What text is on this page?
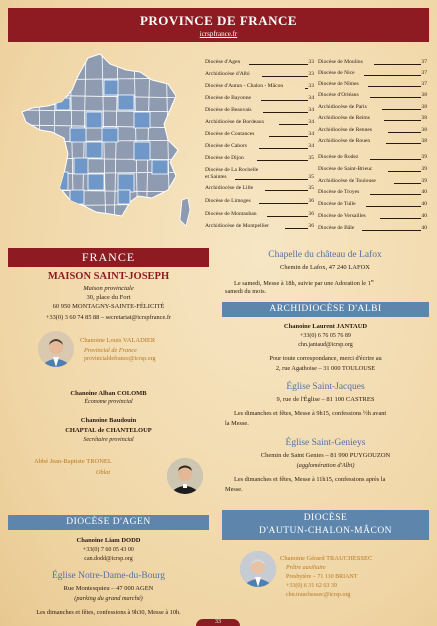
PROVINCE DE FRANCE
icrspfrance.fr
Diocèse d'Agen	33
Archidiocèse d'Albi	33
Diocèse d'Autun - Chalon - Mâcon	33
Diocèse de Bayonne	34
Diocèse de Beauvais	34
Archidiocèse de Bordeaux	34
Diocèse de Coutances	34
Diocèse de Cahors	34
Diocèse de Dijon	35
Diocèse de La Rochelle
et Saintes	35
Archidiocèse de Lille	35
Diocèse de Limoges	36
Diocèse de Montauban	36
Archidiocèse de Montpellier	36
Diocèse de Moulins	37
Diocèse de Nice	37
Diocèse de Nîmes	37
Diocèse d'Orléans	38
Archidiocèse de Paris	38
Archidiocèse de Reims	38
Archidiocèse de Rennes	38
Archidiocèse de Rouen	38
Diocèse de Rodez	39
Diocèse de Saint-Brieuc	39
Archidiocèse de Toulouse	39
Diocèse de Troyes	40
Diocèse de Tulle	40
Diocèse de Versailles	40
Diocèse de Bâle	40
FRANCE
MAISON SAINT-JOSEPH
Maison provinciale
30, place du Fort
60 950 MONTAGNY-SAINTE-FÉLICITÉ
+33(0) 3 60 74 85 88 – secretariat@icrspfrance.fr
Chanoine Louis VALADIER
Provincial de France
provincialdefrance@icrsp.org
Chanoine Alban COLOMB
Économe provincial
Chanoine Baudouin
CHAPTAL de CHANTELOUP
Secrétaire provincial
Abbé Jean-Baptiste TRONEL
Oblat
DIOCÈSE D'AGEN
Chanoine Liam DODD
+33(0) 7 60 05 43 00
can.dodd@icrsp.org
Église Notre-Dame-du-Bourg
Rue Montesquieu – 47 000 AGEN
(parking du grand marché)
Les dimanches et fêtes, confessions à 9h30, Messe à 10h.
Chapelle du château de Lafox
Chemin de Lafox, 47 240 LAFOX
Le samedi, Messe à 18h, suivie par une Adoration le 1er
samedi du mois.
ARCHIDIOCÈSE D'ALBI
Chanoine Laurent JANTAUD
+33(0) 6 76 05 76 89
chn.jantaud@icrsp.org
Pour toute correspondance, merci d'écrire au
2, rue Agathoise – 31 000 TOULOUSE
Église Saint-Jacques
9, rue de l'Église – 81 100 CASTRES
Les dimanches et fêtes, Messe à 9h15, confessions ½h avant
la Messe.
Église Saint-Genieys
Chemin de Saint Genies – 81 990 PUYGOUZON
(agglomération d'Albi)
Les dimanches et fêtes, Messe à 11h15, confessions après la
Messe.
DIOCÈSE
D'AUTUN-CHALON-MÂCON
Chanoine Gérard TRAUCHESSEC
Prêtre auxiliaire
Presbytère – 71 110 BRIANT
+33(0) 6 31 62 63 39
chn.trauchessec@icrsp.org
33
